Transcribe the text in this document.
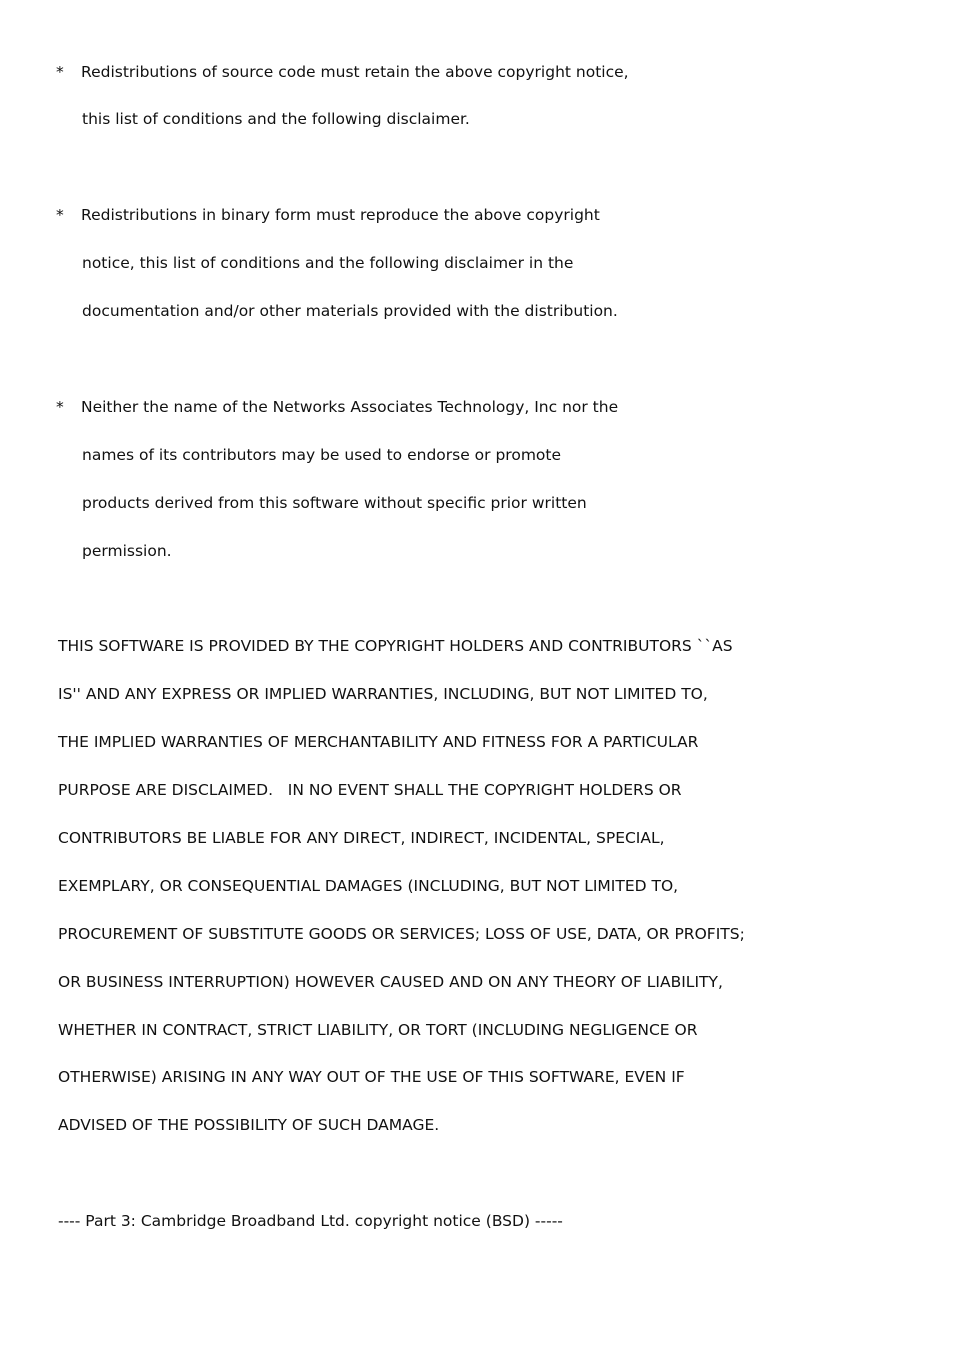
* Redistributions of source code must retain the above copyright notice,
this list of conditions and the following disclaimer.
* Redistributions in binary form must reproduce the above copyright
notice, this list of conditions and the following disclaimer in the
documentation and/or other materials provided with the distribution.
* Neither the name of the Networks Associates Technology, Inc nor the
names of its contributors may be used to endorse or promote
products derived from this software without specific prior written
permission.
THIS SOFTWARE IS PROVIDED BY THE COPYRIGHT HOLDERS AND CONTRIBUTORS ``AS
IS'' AND ANY EXPRESS OR IMPLIED WARRANTIES, INCLUDING, BUT NOT LIMITED TO,
THE IMPLIED WARRANTIES OF MERCHANTABILITY AND FITNESS FOR A PARTICULAR
PURPOSE ARE DISCLAIMED.   IN NO EVENT SHALL THE COPYRIGHT HOLDERS OR
CONTRIBUTORS BE LIABLE FOR ANY DIRECT, INDIRECT, INCIDENTAL, SPECIAL,
EXEMPLARY, OR CONSEQUENTIAL DAMAGES (INCLUDING, BUT NOT LIMITED TO,
PROCUREMENT OF SUBSTITUTE GOODS OR SERVICES; LOSS OF USE, DATA, OR PROFITS;
OR BUSINESS INTERRUPTION) HOWEVER CAUSED AND ON ANY THEORY OF LIABILITY,
WHETHER IN CONTRACT, STRICT LIABILITY, OR TORT (INCLUDING NEGLIGENCE OR
OTHERWISE) ARISING IN ANY WAY OUT OF THE USE OF THIS SOFTWARE, EVEN IF
ADVISED OF THE POSSIBILITY OF SUCH DAMAGE.
---- Part 3: Cambridge Broadband Ltd. copyright notice (BSD) -----
